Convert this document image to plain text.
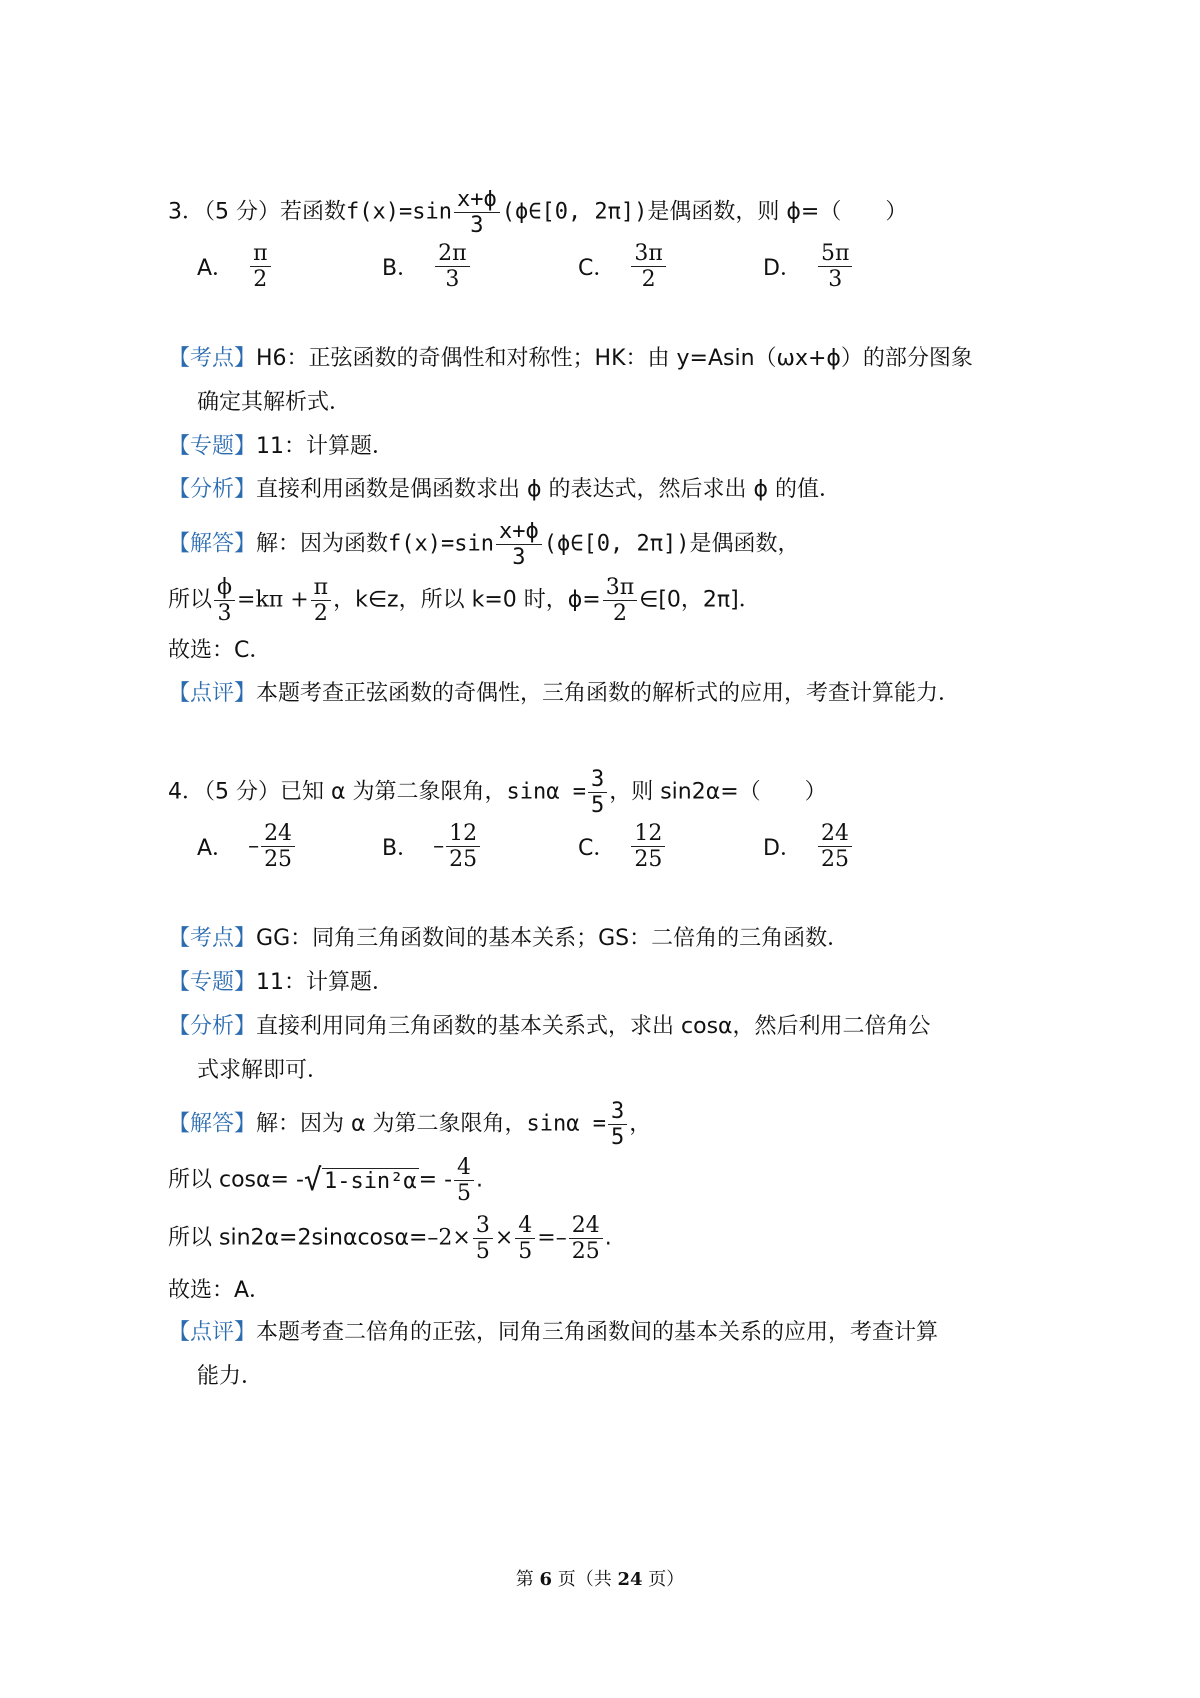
3．（5 分）若函数$f(x)=\sin \frac{x+\phi}{3}$ (ϕ∈[0, 2π])是偶函数，则 ϕ=（　　）
A． $\frac{\pi}{2}$	B． $\frac{2\pi}{3}$	C． $\frac{3\pi}{2}$	D． $\frac{5\pi}{3}$
【考点】H6：正弦函数的奇偶性和对称性；HK：由 y=Asin（ωx+ϕ）的部分图象
确定其解析式．
【专题】11：计算题．
【分析】直接利用函数是偶函数求出 ϕ 的表达式，然后求出 ϕ 的值．
【解答】解：因为函数$f(x)=\sin \frac{x+\phi}{3}$ (ϕ∈[0, 2π])是偶函数，
所以 $\frac{\phi}{3} =k\pi + \frac{\pi}{2}$ ，k∈z，所以 k=0 时，$\phi= \frac{3\pi}{2}$ ∈[0，2π]．
故选：C．
【点评】本题考查正弦函数的奇偶性，三角函数的解析式的应用，考查计算能力．
4．（5 分）已知 α 为第二象限角，$\sin\alpha = \frac{3}{5}$ ，则 sin2α=（　　）
A． – $\frac{24}{25}$	B． – $\frac{12}{25}$	C． $\frac{12}{25}$	D． $\frac{24}{25}$
【考点】GG：同角三角函数间的基本关系；GS：二倍角的三角函数．
【专题】11：计算题．
【分析】直接利用同角三角函数的基本关系式，求出 cosα，然后利用二倍角公
式求解即可．
【解答】解：因为 α 为第二象限角，$\sin\alpha = \frac{3}{5}$ ，
所以 $\cos\alpha= -√1-\sin^2\alpha= - \frac{4}{5}$ .
所以 $\sin 2\alpha=2\sin\alpha\cos\alpha=-2\times \frac{3}{5} \times \frac{4}{5} =- \frac{24}{25}$ .
故选：A．
【点评】本题考查二倍角的正弦，同角三角函数间的基本关系的应用，考查计算
能力．
第 6 页（共 24 页）
